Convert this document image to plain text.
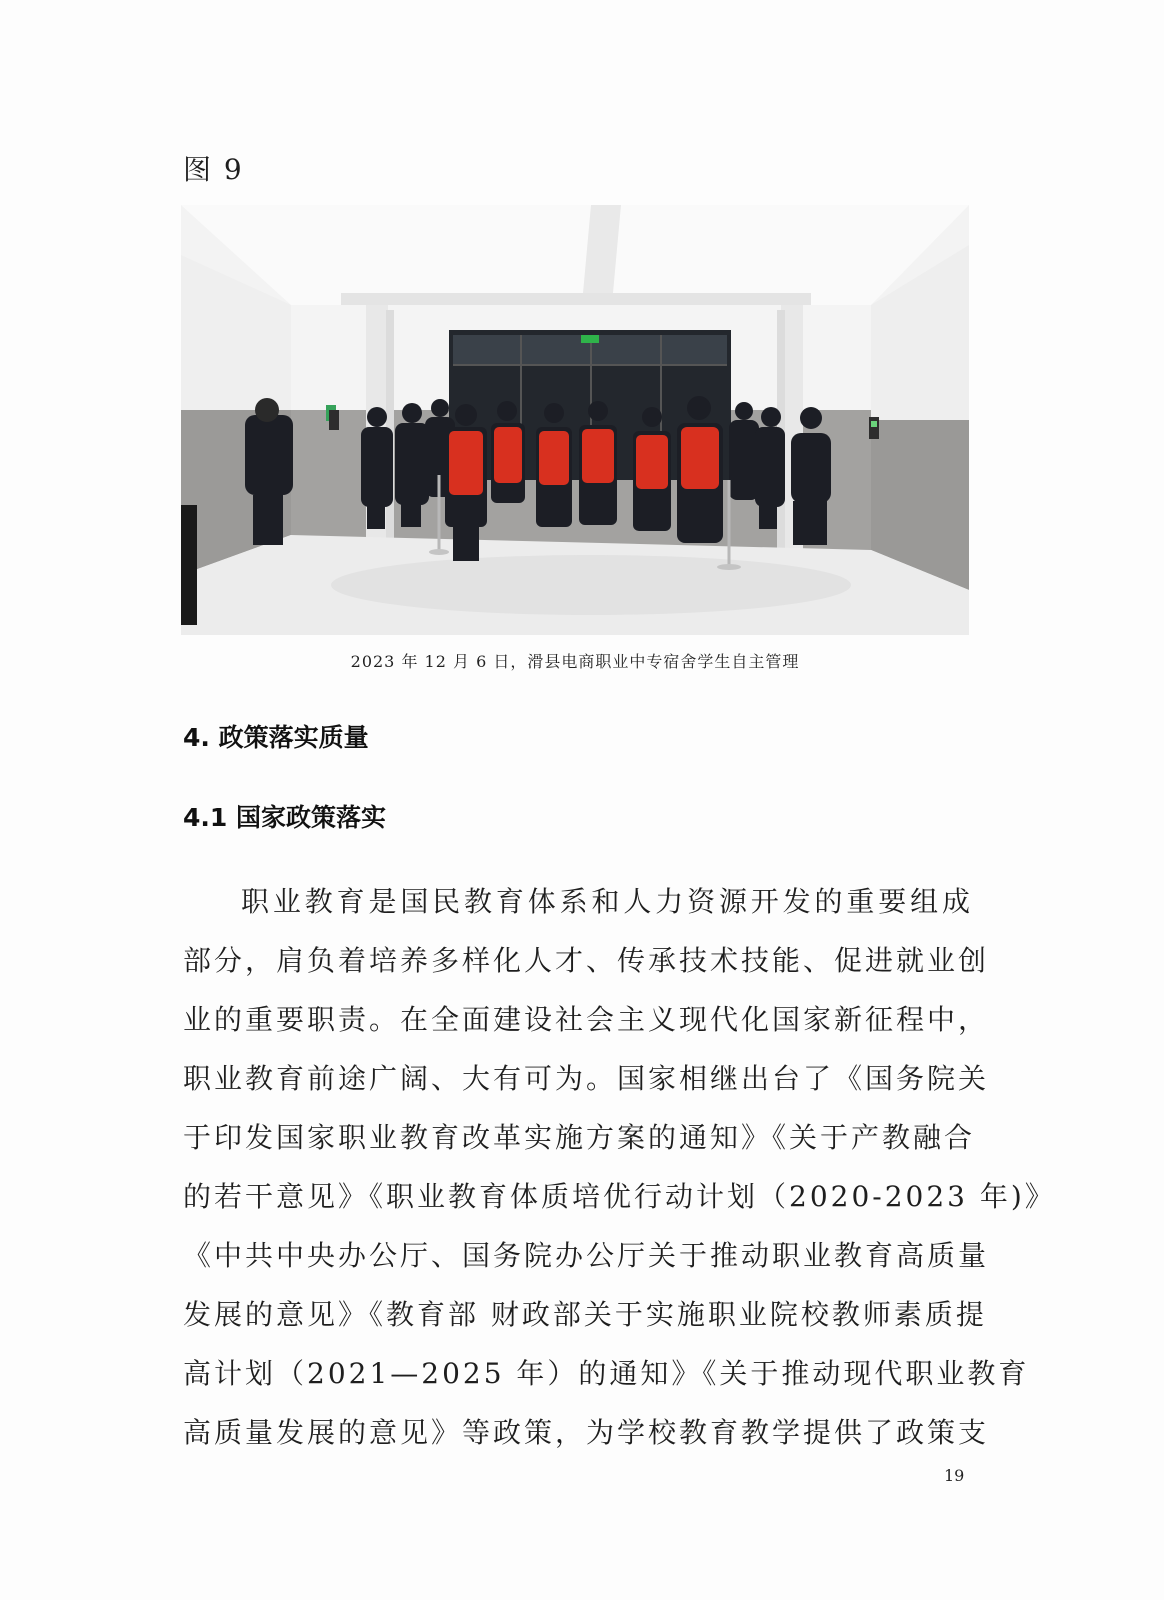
图 9
2023 年 12 月 6 日，滑县电商职业中专宿舍学生自主管理
4. 政策落实质量
4.1 国家政策落实
职业教育是国民教育体系和人力资源开发的重要组成
部分，肩负着培养多样化人才、传承技术技能、促进就业创
业的重要职责。在全面建设社会主义现代化国家新征程中，
职业教育前途广阔、大有可为。国家相继出台了《国务院关
于印发国家职业教育改革实施方案的通知》《关于产教融合
的若干意见》《职业教育体质培优行动计划（2020-2023 年)》
《中共中央办公厅、国务院办公厅关于推动职业教育高质量
发展的意见》《教育部 财政部关于实施职业院校教师素质提
高计划（2021—2025 年）的通知》《关于推动现代职业教育
高质量发展的意见》等政策，为学校教育教学提供了政策支
19
